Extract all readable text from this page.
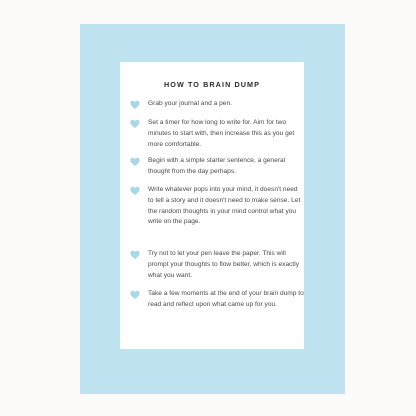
HOW TO BRAIN DUMP
Grab your journal and a pen.
Set a timer for how long to write for. Aim for two minutes to start with, then increase this as you get more comfortable.
Begin with a simple starter sentence, a general thought from the day perhaps.
Write whatever pops into your mind, it doesn't need to tell a story and it doesn't need to make sense. Let the random thoughts in your mind control what you write on the page.
Try not to let your pen leave the paper. This will prompt your thoughts to flow better, which is exactly what you want.
Take a few moments at the end of your brain dump to read and reflect upon what came up for you.
